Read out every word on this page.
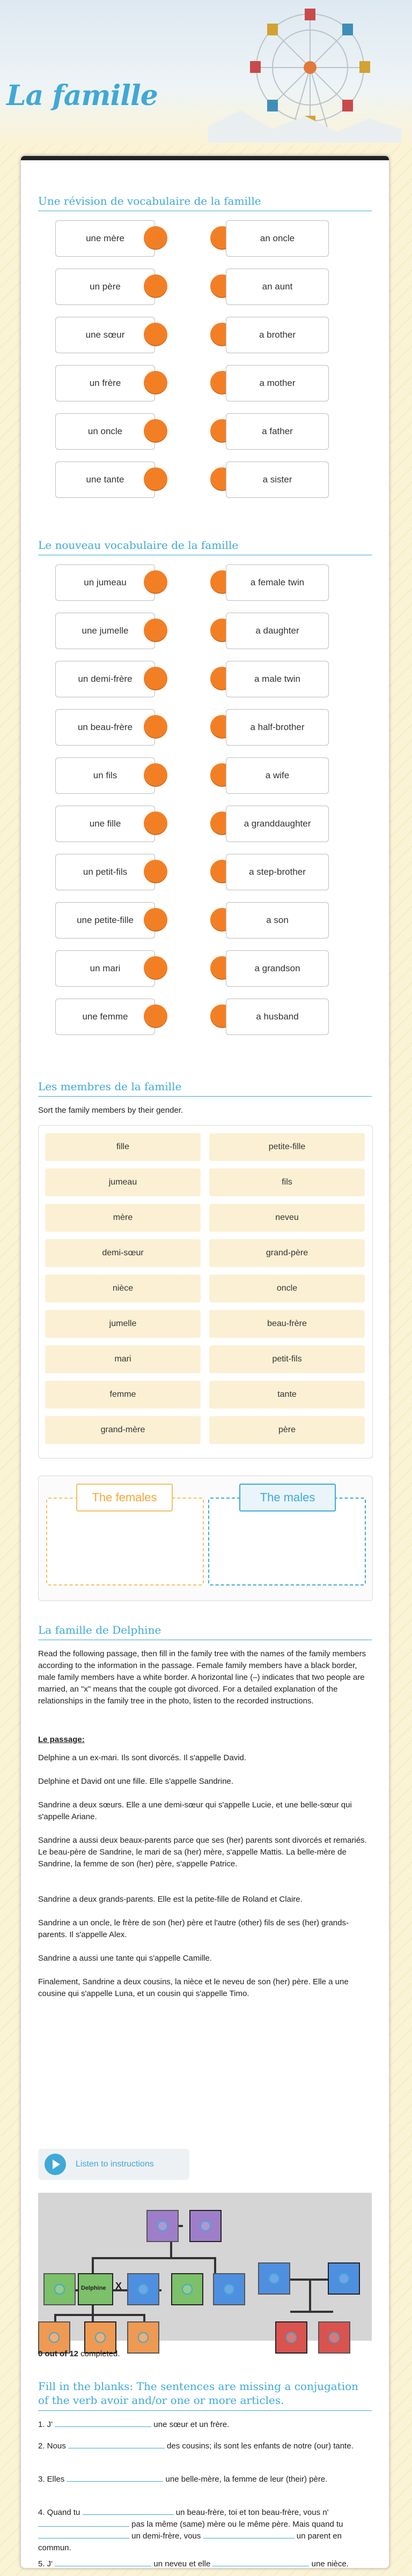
La famille
Une révision de vocabulaire de la famille
une mère	an oncle
un père	an aunt
une sœur	a brother
un frère	a mother
un oncle	a father
une tante	a sister
Le nouveau vocabulaire de la famille
un jumeau	a female twin
une jumelle	a daughter
un demi-frère	a male twin
un beau-frère	a half-brother
un fils	a wife
une fille	a granddaughter
un petit-fils	a step-brother
une petite-fille	a son
un mari	a grandson
une femme	a husband
Les membres de la famille
Sort the family members by their gender.
fille	petite-fille
jumeau	fils
mère	neveu
demi-sœur	grand-père
nièce	oncle
jumelle	beau-frère
mari	petit-fils
femme	tante
grand-mère	père
The females	The males
La famille de Delphine
Read the following passage, then fill in the family tree with the names of the family members according to the information in the passage. Female family members have a black border, male family members have a white border. A horizontal line (–) indicates that two people are married, an "x" means that the couple got divorced. For a detailed explanation of the relationships in the family tree in the photo, listen to the recorded instructions.
Le passage:
Delphine a un ex-mari. Ils sont divorcés. Il s'appelle David.
Delphine et David ont une fille. Elle s'appelle Sandrine.
Sandrine a deux sœurs. Elle a une demi-sœur qui s'appelle Lucie, et une belle-sœur qui s'appelle Ariane.
Sandrine a aussi deux beaux-parents parce que ses (her) parents sont divorcés et remariés. Le beau-père de Sandrine, le mari de sa (her) mère, s'appelle Mattis. La belle-mère de Sandrine, la femme de son (her) père, s'appelle Patrice.
Sandrine a deux grands-parents. Elle est la petite-fille de Roland et Claire.
Sandrine a un oncle, le frère de son (her) père et l'autre (other) fils de ses (her) grands-parents. Il s'appelle Alex.
Sandrine a aussi une tante qui s'appelle Camille.
Finalement, Sandrine a deux cousins, la nièce et le neveu de son (her) père. Elle a une cousine qui s'appelle Luna, et un cousin qui s'appelle Timo.
Listen to instructions
Delphine X
0 out of 12 completed.
Fill in the blanks: The sentences are missing a conjugation of the verb avoir and/or one or more articles.
1. J'	une sœur et un frère.
2. Nous	des cousins; ils sont les enfants de notre (our) tante.
3. Elles	une belle-mère, la femme de leur (their) père.
4. Quand tu	un beau-frère, toi et ton beau-frère, vous n'  pas la même (same) mère ou le même père. Mais quand tu  un demi-frère, vous	un parent en commun.
5. J'	un neveu et elle	une nièce.
